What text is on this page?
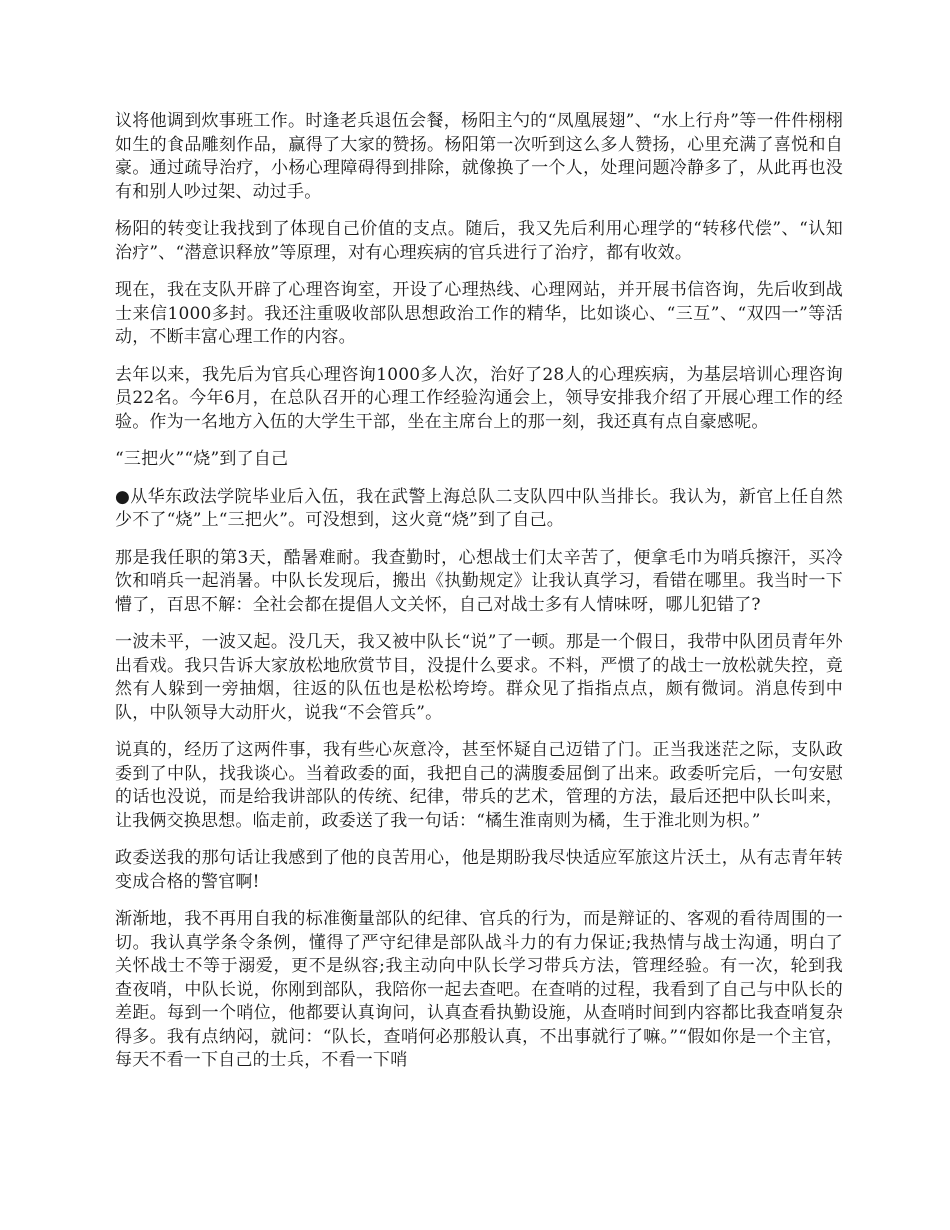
议将他调到炊事班工作。时逢老兵退伍会餐，杨阳主勺的“凤凰展翅”、“水上行舟”等一件件栩栩如生的食品雕刻作品，赢得了大家的赞扬。杨阳第一次听到这么多人赞扬，心里充满了喜悦和自豪。通过疏导治疗，小杨心理障碍得到排除，就像换了一个人，处理问题冷静多了，从此再也没有和别人吵过架、动过手。

杨阳的转变让我找到了体现自己价值的支点。随后，我又先后利用心理学的“转移代偿”、“认知治疗”、“潜意识释放”等原理，对有心理疾病的官兵进行了治疗，都有收效。

现在，我在支队开辟了心理咨询室，开设了心理热线、心理网站，并开展书信咨询，先后收到战士来信1000多封。我还注重吸收部队思想政治工作的精华，比如谈心、“三互”、“双四一”等活动，不断丰富心理工作的内容。

去年以来，我先后为官兵心理咨询1000多人次，治好了28人的心理疾病，为基层培训心理咨询员22名。今年6月，在总队召开的心理工作经验沟通会上，领导安排我介绍了开展心理工作的经验。作为一名地方入伍的大学生干部，坐在主席台上的那一刻，我还真有点自豪感呢。

“三把火”“烧”到了自己

●从华东政法学院毕业后入伍，我在武警上海总队二支队四中队当排长。我认为，新官上任自然少不了“烧”上“三把火”。可没想到，这火竟“烧”到了自己。

那是我任职的第3天，酷暑难耐。我查勤时，心想战士们太辛苦了，便拿毛巾为哨兵擦汗，买冷饮和哨兵一起消暑。中队长发现后，搬出《执勤规定》让我认真学习，看错在哪里。我当时一下懵了，百思不解：全社会都在提倡人文关怀，自己对战士多有人情味呀，哪儿犯错了?

一波未平，一波又起。没几天，我又被中队长“说”了一顿。那是一个假日，我带中队团员青年外出看戏。我只告诉大家放松地欣赏节目，没提什么要求。不料，严惯了的战士一放松就失控，竟然有人躲到一旁抽烟，往返的队伍也是松松垮垮。群众见了指指点点，颇有微词。消息传到中队，中队领导大动肝火，说我“不会管兵”。

说真的，经历了这两件事，我有些心灰意冷，甚至怀疑自己迈错了门。正当我迷茫之际，支队政委到了中队，找我谈心。当着政委的面，我把自己的满腹委屈倒了出来。政委听完后，一句安慰的话也没说，而是给我讲部队的传统、纪律，带兵的艺术，管理的方法，最后还把中队长叫来，让我俩交换思想。临走前，政委送了我一句话：“橘生淮南则为橘，生于淮北则为枳。”

政委送我的那句话让我感到了他的良苦用心，他是期盼我尽快适应军旅这片沃土，从有志青年转变成合格的警官啊!

渐渐地，我不再用自我的标准衡量部队的纪律、官兵的行为，而是辩证的、客观的看待周围的一切。我认真学条令条例，懂得了严守纪律是部队战斗力的有力保证;我热情与战士沟通，明白了关怀战士不等于溺爱，更不是纵容;我主动向中队长学习带兵方法，管理经验。有一次，轮到我查夜哨，中队长说，你刚到部队，我陪你一起去查吧。在查哨的过程，我看到了自己与中队长的差距。每到一个哨位，他都要认真询问，认真查看执勤设施，从查哨时间到内容都比我查哨复杂得多。我有点纳闷，就问：“队长，查哨何必那般认真，不出事就行了嘛。”“假如你是一个主官，每天不看一下自己的士兵，不看一下哨
